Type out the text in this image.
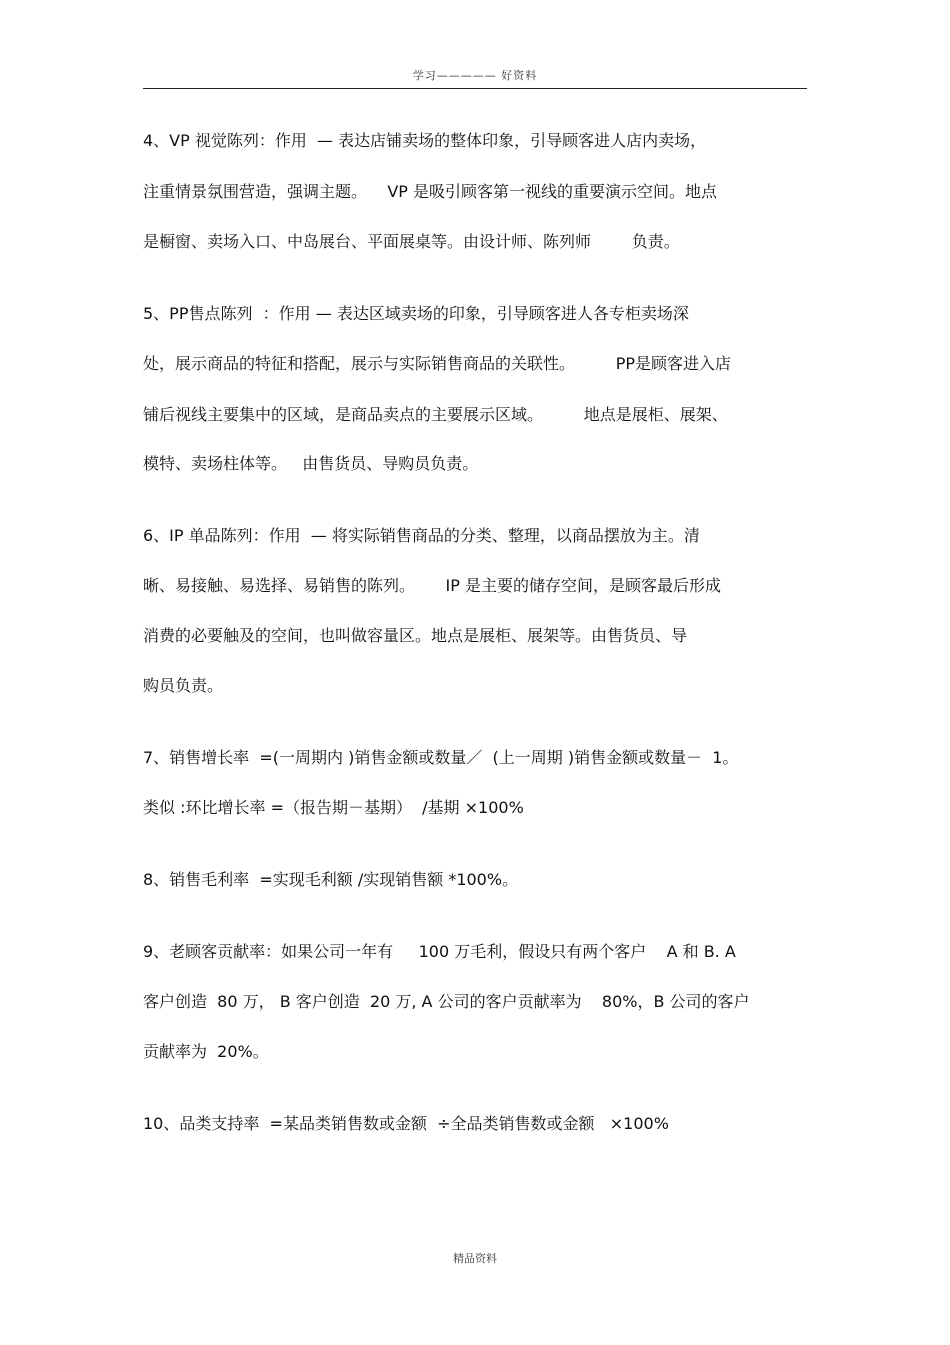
学习————— 好资料
4、VP 视觉陈列：作用  — 表达店铺卖场的整体印象，引导顾客进人店内卖场，
注重情景氛围营造，强调主题。    VP 是吸引顾客第一视线的重要演示空间。地点
是橱窗、卖场入口、中岛展台、平面展桌等。由设计师、陈列师        负责。
5、PP售点陈列  ：作用 — 表达区域卖场的印象，引导顾客进人各专柜卖场深
处，展示商品的特征和搭配，展示与实际销售商品的关联性。        PP是顾客进入店
铺后视线主要集中的区域，是商品卖点的主要展示区域。        地点是展柜、展架、
模特、卖场柱体等。   由售货员、导购员负责。
6、IP 单品陈列：作用  — 将实际销售商品的分类、整理，以商品摆放为主。清
晰、易接触、易选择、易销售的陈列。      IP 是主要的储存空间，是顾客最后形成
消费的必要触及的空间，也叫做容量区。地点是展柜、展架等。由售货员、导
购员负责。
7、销售增长率  =(一周期内 )销售金额或数量／  (上一周期 )销售金额或数量－  1。
类似 :环比增长率 =（报告期－基期）  /基期 ×100%
8、销售毛利率  =实现毛利额 /实现销售额 *100%。
9、老顾客贡献率：如果公司一年有     100 万毛利，假设只有两个客户    A 和 B. A
客户创造  80 万， B 客户创造  20 万, A 公司的客户贡献率为    80%，B 公司的客户
贡献率为  20%。
10、品类支持率  =某品类销售数或金额  ÷全品类销售数或金额   ×100%
精品资料
